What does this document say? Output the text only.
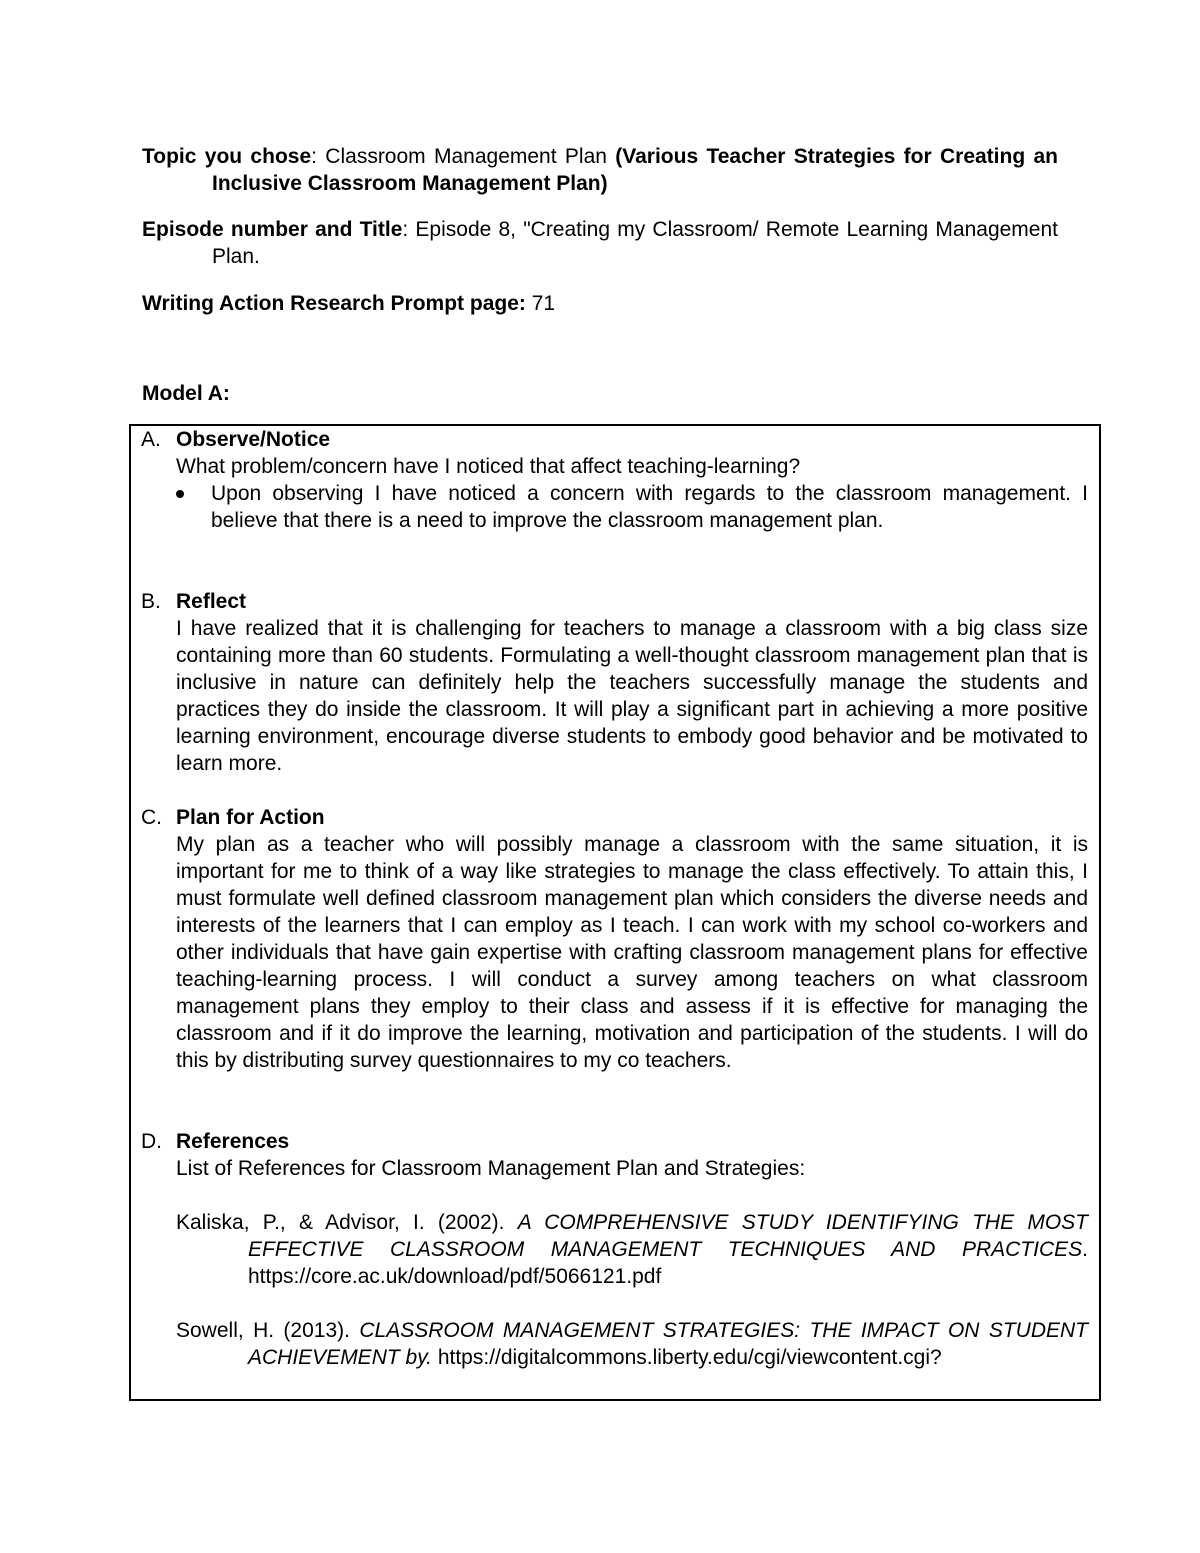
Topic you chose: Classroom Management Plan (Various Teacher Strategies for Creating an Inclusive Classroom Management Plan)

Episode number and Title: Episode 8, "Creating my Classroom/ Remote Learning Management Plan.

Writing Action Research Prompt page: 71

Model A:

A. Observe/Notice

What problem/concern have I noticed that affect teaching-learning?

Upon observing I have noticed a concern with regards to the classroom management. I believe that there is a need to improve the classroom management plan.
B. Reflect

I have realized that it is challenging for teachers to manage a classroom with a big class size containing more than 60 students. Formulating a well-thought classroom management plan that is inclusive in nature can definitely help the teachers successfully manage the students and practices they do inside the classroom. It will play a significant part in achieving a more positive learning environment, encourage diverse students to embody good behavior and be motivated to learn more.

C. Plan for Action

My plan as a teacher who will possibly manage a classroom with the same situation, it is important for me to think of a way like strategies to manage the class effectively. To attain this, I must formulate well defined classroom management plan which considers the diverse needs and interests of the learners that I can employ as I teach. I can work with my school co-workers and other individuals that have gain expertise with crafting classroom management plans for effective teaching-learning process. I will conduct a survey among teachers on what classroom management plans they employ to their class and assess if it is effective for managing the classroom and if it do improve the learning, motivation and participation of the students. I will do this by distributing survey questionnaires to my co teachers.

D. References

List of References for Classroom Management Plan and Strategies:

Kaliska, P., & Advisor, I. (2002). A COMPREHENSIVE STUDY IDENTIFYING THE MOST EFFECTIVE CLASSROOM MANAGEMENT TECHNIQUES AND PRACTICES. https://core.ac.uk/download/pdf/5066121.pdf

Sowell, H. (2013). CLASSROOM MANAGEMENT STRATEGIES: THE IMPACT ON STUDENT ACHIEVEMENT by. https://digitalcommons.liberty.edu/cgi/viewcontent.cgi?
